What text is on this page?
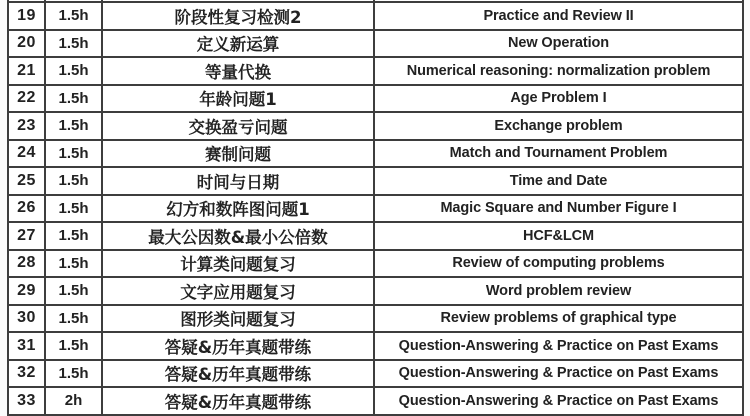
19	1.5h	阶段性复习检测2	Practice and Review II
20	1.5h	定义新运算	New Operation
21	1.5h	等量代换	Numerical reasoning: normalization problem
22	1.5h	年龄问题1	Age Problem I
23	1.5h	交换盈亏问题	Exchange problem
24	1.5h	赛制问题	Match and Tournament Problem
25	1.5h	时间与日期	Time and Date
26	1.5h	幻方和数阵图问题1	Magic Square and Number Figure I
27	1.5h	最大公因数&最小公倍数	HCF&LCM
28	1.5h	计算类问题复习	Review of computing problems
29	1.5h	文字应用题复习	Word problem review
30	1.5h	图形类问题复习	Review problems of graphical type
31	1.5h	答疑&历年真题带练	Question-Answering & Practice on Past Exams
32	1.5h	答疑&历年真题带练	Question-Answering & Practice on Past Exams
33	2h	答疑&历年真题带练	Question-Answering & Practice on Past Exams
